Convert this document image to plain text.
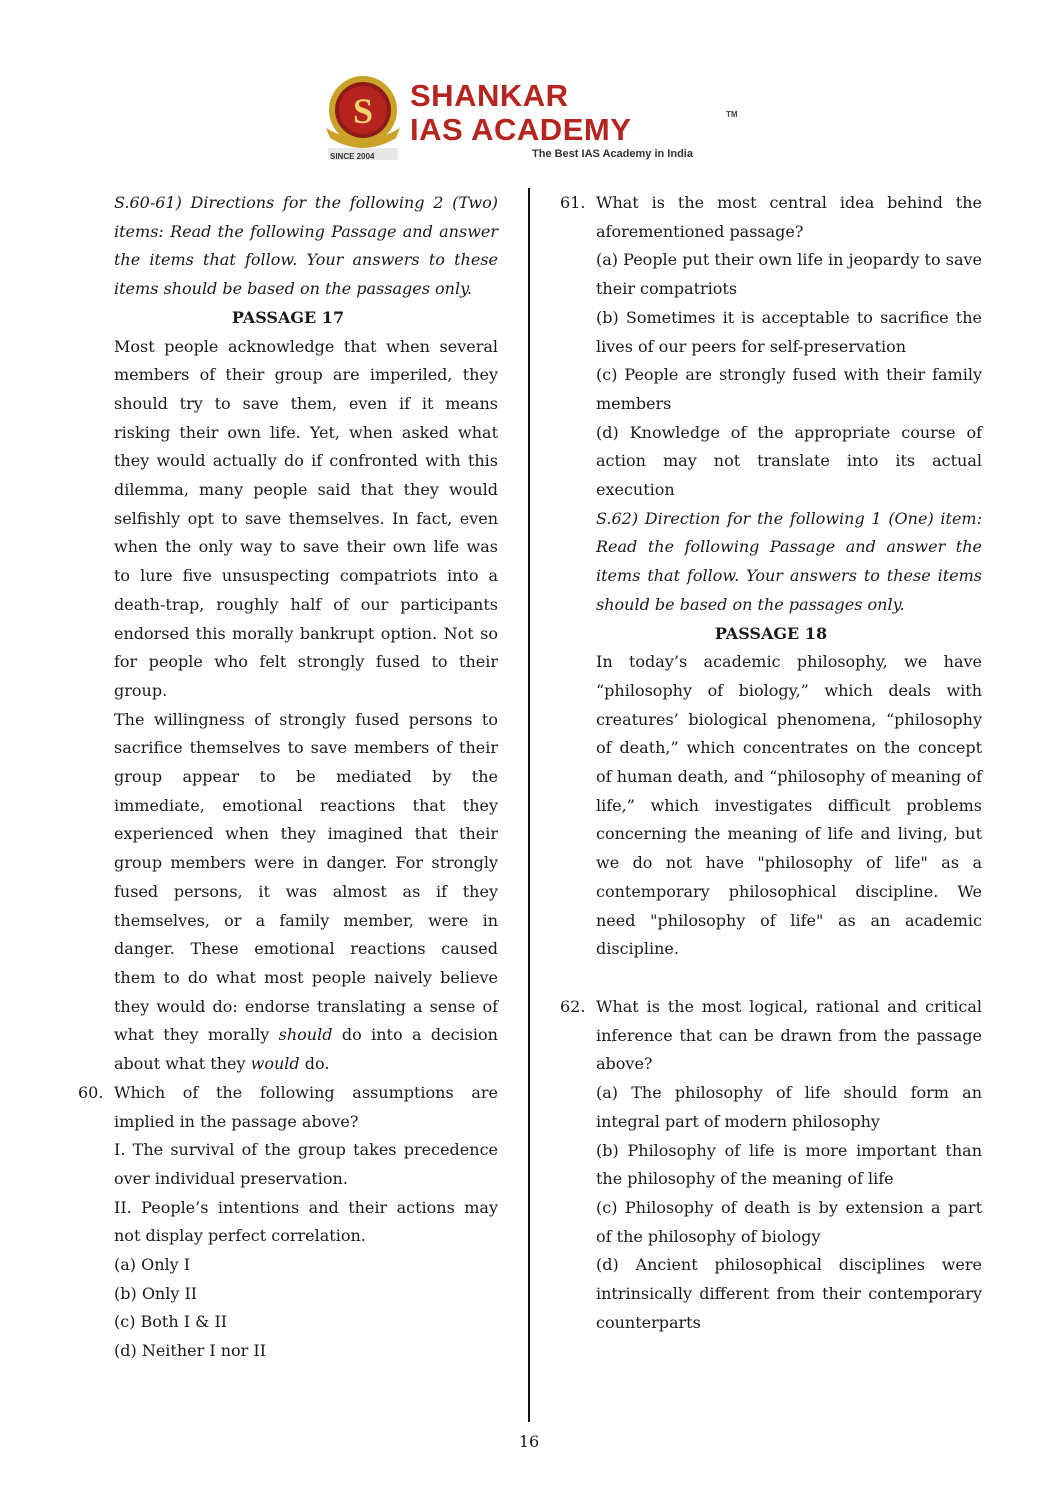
S
SINCE 2004
SHANKAR
IAS ACADEMY	TM
The Best IAS Academy in India

S.60-61) Directions for the following 2 (Two) items: Read the following Passage and answer the items that follow. Your answers to these items should be based on the passages only.

PASSAGE 17

Most people acknowledge that when several members of their group are imperiled, they should try to save them, even if it means risking their own life. Yet, when asked what they would actually do if confronted with this dilemma, many people said that they would selfishly opt to save themselves. In fact, even when the only way to save their own life was to lure five unsuspecting compatriots into a death-trap, roughly half of our participants endorsed this morally bankrupt option. Not so for people who felt strongly fused to their group.

The willingness of strongly fused persons to sacrifice themselves to save members of their group appear to be mediated by the immediate, emotional reactions that they experienced when they imagined that their group members were in danger. For strongly fused persons, it was almost as if they themselves, or a family member, were in danger. These emotional reactions caused them to do what most people naively believe they would do: endorse translating a sense of what they morally should do into a decision about what they would do.

60. Which of the following assumptions are implied in the passage above?

I. The survival of the group takes precedence over individual preservation.

II. People’s intentions and their actions may not display perfect correlation.

(a) Only I

(b) Only II

(c) Both I & II

(d) Neither I nor II

61. What is the most central idea behind the aforementioned passage?

(a) People put their own life in jeopardy to save their compatriots

(b) Sometimes it is acceptable to sacrifice the lives of our peers for self-preservation

(c) People are strongly fused with their family members

(d) Knowledge of the appropriate course of action may not translate into its actual execution

S.62) Direction for the following 1 (One) item: Read the following Passage and answer the items that follow. Your answers to these items should be based on the passages only.

PASSAGE 18

In today’s academic philosophy, we have “philosophy of biology,” which deals with creatures’ biological phenomena, “philosophy of death,” which concentrates on the concept of human death, and “philosophy of meaning of life,” which investigates difficult problems concerning the meaning of life and living, but we do not have "philosophy of life" as a contemporary philosophical discipline. We need "philosophy of life" as an academic discipline.

62. What is the most logical, rational and critical inference that can be drawn from the passage above?

(a) The philosophy of life should form an integral part of modern philosophy

(b) Philosophy of life is more important than the philosophy of the meaning of life

(c) Philosophy of death is by extension a part of the philosophy of biology

(d) Ancient philosophical disciplines were intrinsically different from their contemporary counterparts

16
